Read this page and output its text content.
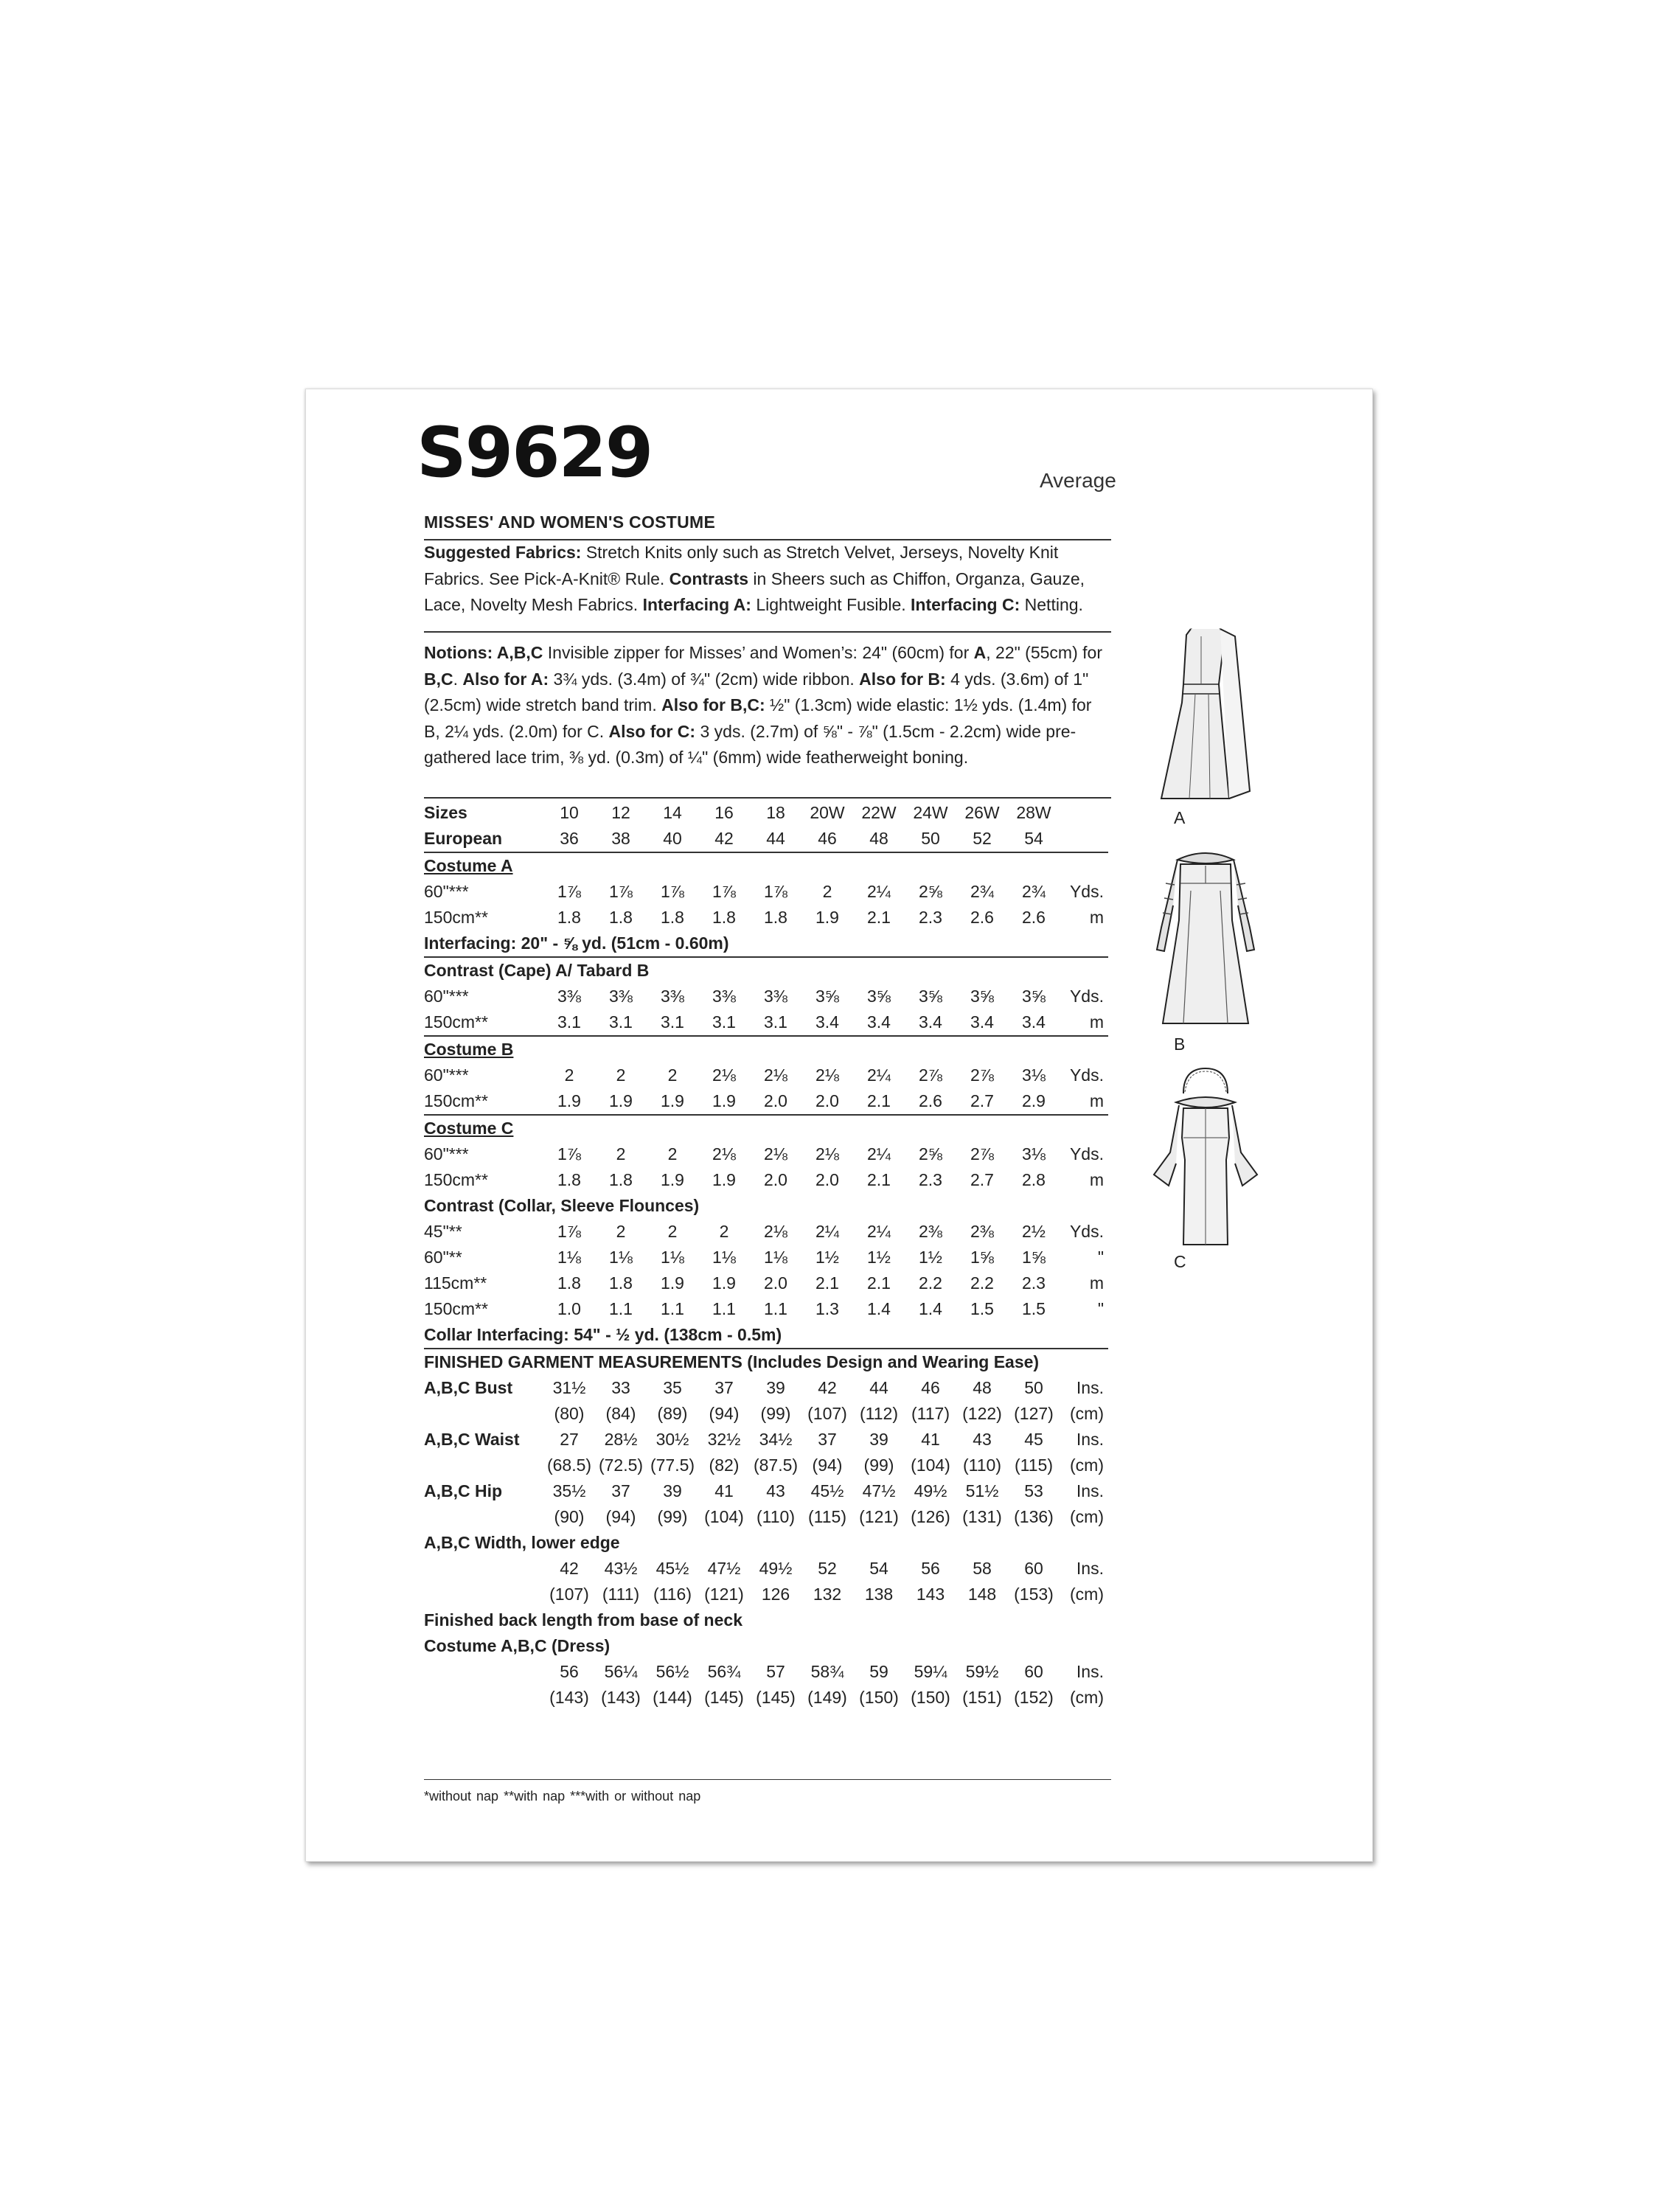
S9629	Average
MISSES' AND WOMEN'S COSTUME

Suggested Fabrics: Stretch Knits only such as Stretch Velvet, Jerseys, Novelty Knit Fabrics. See Pick-A-Knit® Rule. Contrasts in Sheers such as Chiffon, Organza, Gauze, Lace, Novelty Mesh Fabrics. Interfacing A: Lightweight Fusible. Interfacing C: Netting.

Notions: A,B,C Invisible zipper for Misses’ and Women’s: 24" (60cm) for A, 22" (55cm) for B,C. Also for A: 3¾ yds. (3.4m) of ¾" (2cm) wide ribbon. Also for B: 4 yds. (3.6m) of 1" (2.5cm) wide stretch band trim. Also for B,C: ½" (1.3cm) wide elastic: 1½ yds. (1.4m) for B, 2¼ yds. (2.0m) for C. Also for C: 3 yds. (2.7m) of ⅝" - ⅞" (1.5cm - 2.2cm) wide pre-gathered lace trim, ⅜ yd. (0.3m) of ¼" (6mm) wide featherweight boning.

Sizes	10	12	14	16	18	20W	22W	24W	26W	28W	
European	36	38	40	42	44	46	48	50	52	54	
Costume A											
60"***	1⅞	1⅞	1⅞	1⅞	1⅞	2	2¼	2⅝	2¾	2¾	Yds.
150cm**	1.8	1.8	1.8	1.8	1.8	1.9	2.1	2.3	2.6	2.6	m
Interfacing: 20" - ⅝ yd. (51cm - 0.60m)											
Contrast (Cape) A/ Tabard B											
60"***	3⅜	3⅜	3⅜	3⅜	3⅜	3⅝	3⅝	3⅝	3⅝	3⅝	Yds.
150cm**	3.1	3.1	3.1	3.1	3.1	3.4	3.4	3.4	3.4	3.4	m
Costume B											
60"***	2	2	2	2⅛	2⅛	2⅛	2¼	2⅞	2⅞	3⅛	Yds.
150cm**	1.9	1.9	1.9	1.9	2.0	2.0	2.1	2.6	2.7	2.9	m
Costume C											
60"***	1⅞	2	2	2⅛	2⅛	2⅛	2¼	2⅝	2⅞	3⅛	Yds.
150cm**	1.8	1.8	1.9	1.9	2.0	2.0	2.1	2.3	2.7	2.8	m
Contrast (Collar, Sleeve Flounces)											
45"**	1⅞	2	2	2	2⅛	2¼	2¼	2⅜	2⅜	2½	Yds.
60"**	1⅛	1⅛	1⅛	1⅛	1⅛	1½	1½	1½	1⅝	1⅝	"
115cm**	1.8	1.8	1.9	1.9	2.0	2.1	2.1	2.2	2.2	2.3	m
150cm**	1.0	1.1	1.1	1.1	1.1	1.3	1.4	1.4	1.5	1.5	"
Collar Interfacing: 54" - ½ yd. (138cm - 0.5m)											
FINISHED GARMENT MEASUREMENTS (Includes Design and Wearing Ease)											
A,B,C Bust	31½	33	35	37	39	42	44	46	48	50	Ins.
	(80)	(84)	(89)	(94)	(99)	(107)	(112)	(117)	(122)	(127)	(cm)
A,B,C Waist	27	28½	30½	32½	34½	37	39	41	43	45	Ins.
	(68.5)	(72.5)	(77.5)	(82)	(87.5)	(94)	(99)	(104)	(110)	(115)	(cm)
A,B,C Hip	35½	37	39	41	43	45½	47½	49½	51½	53	Ins.
	(90)	(94)	(99)	(104)	(110)	(115)	(121)	(126)	(131)	(136)	(cm)
A,B,C Width, lower edge											
	42	43½	45½	47½	49½	52	54	56	58	60	Ins.
	(107)	(111)	(116)	(121)	126	132	138	143	148	(153)	(cm)
Finished back length from base of neck											
Costume A,B,C (Dress)											
	56	56¼	56½	56¾	57	58¾	59	59¼	59½	60	Ins.
	(143)	(143)	(144)	(145)	(145)	(149)	(150)	(150)	(151)	(152)	(cm)
*without nap **with nap ***with or without nap
A
B
C
